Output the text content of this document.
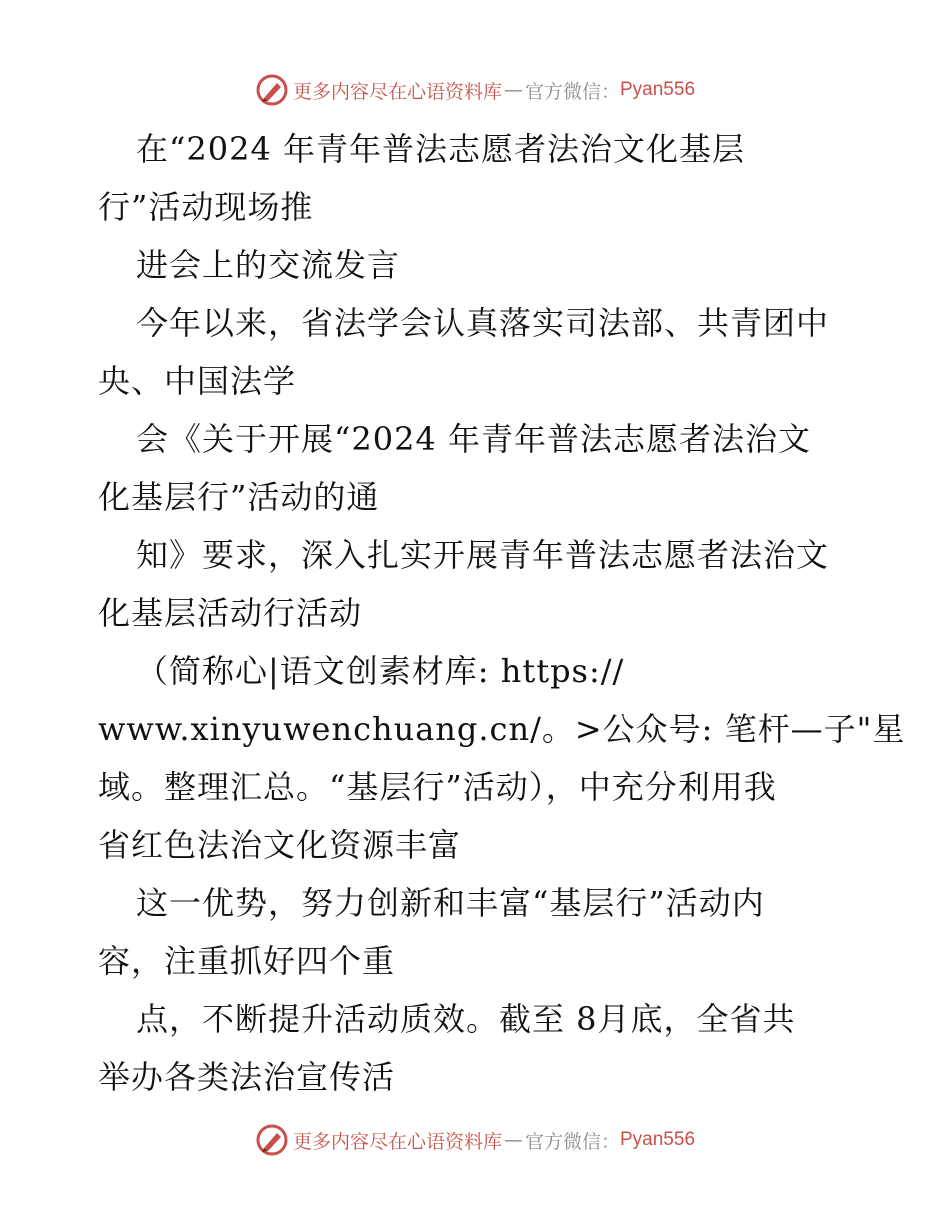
更多内容尽在心语资料库 — 官方微信： Pyan556
在“2024 年青年普法志愿者法治文化基层
行”活动现场推
进会上的交流发言
今年以来，省法学会认真落实司法部、共青团中
央、中国法学
会《关于开展“2024 年青年普法志愿者法治文
化基层行”活动的通
知》要求，深入扎实开展青年普法志愿者法治文
化基层活动行活动
（简称心|语文创素材库: https://
www.xinyuwenchuang.cn/。>公众号: 笔杆—子"星
域。整理汇总。“基层行”活动），中充分利用我
省红色法治文化资源丰富
这一优势，努力创新和丰富“基层行”活动内
容，注重抓好四个重
点，不断提升活动质效。截至 8月底，全省共
举办各类法治宣传活
更多内容尽在心语资料库 — 官方微信： Pyan556
